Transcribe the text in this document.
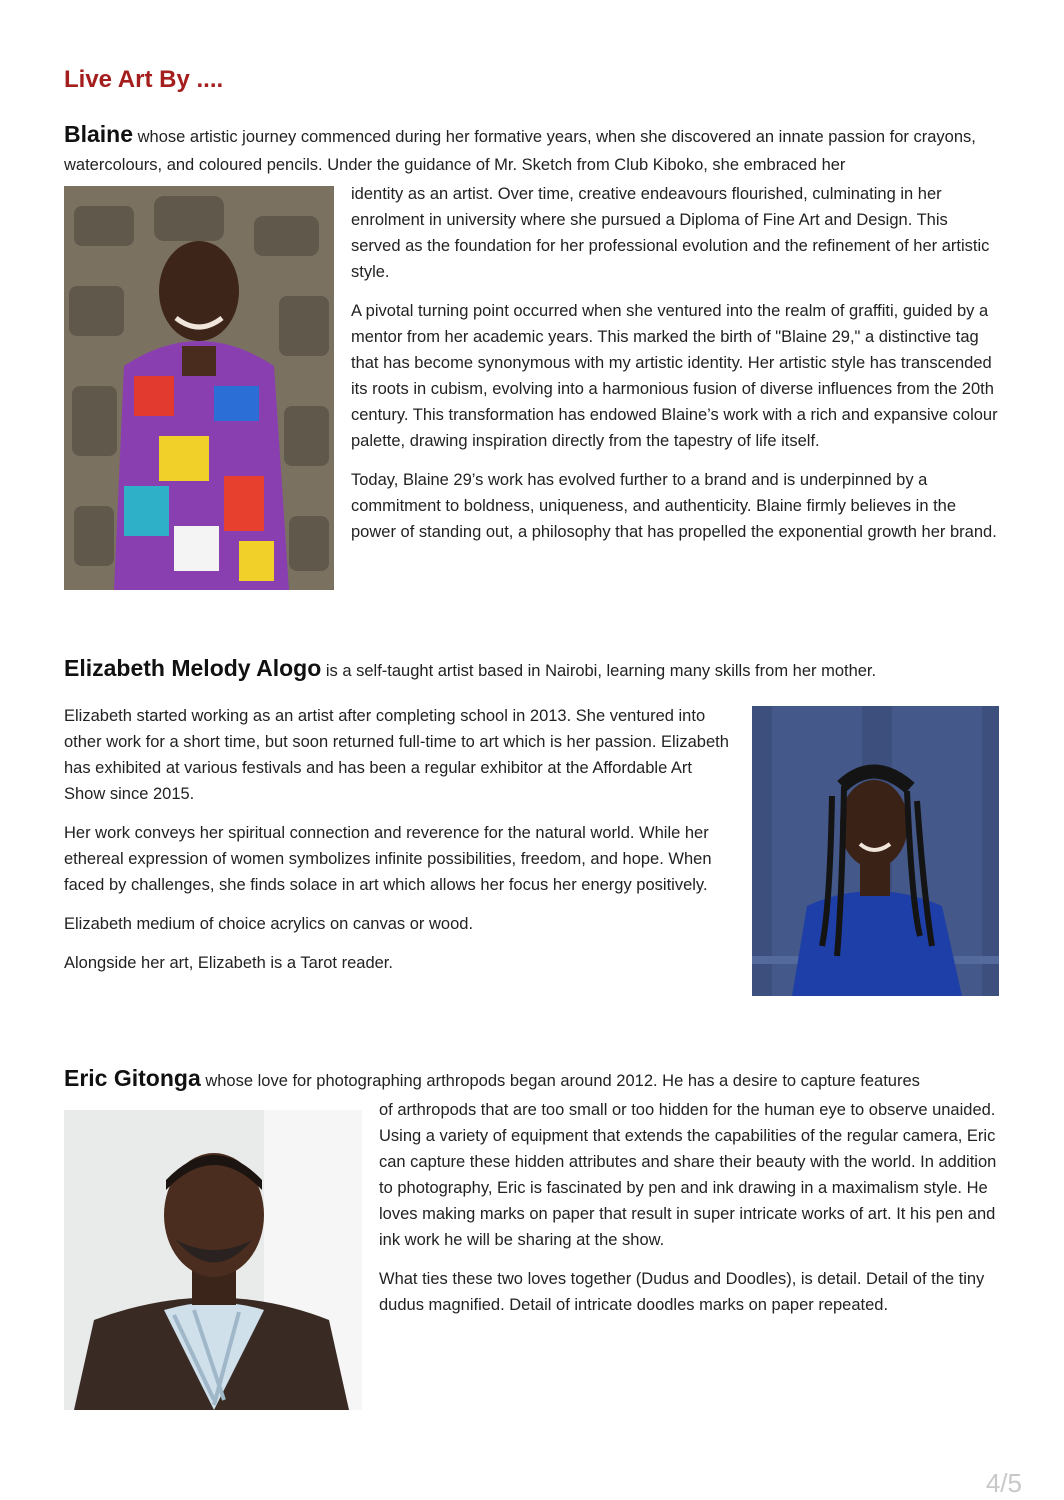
Live Art By ....

Blaine whose artistic journey commenced during her formative years, when she discovered an innate passion for crayons, watercolours, and coloured pencils. Under the guidance of Mr. Sketch from Club Kiboko, she embraced her

identity as an artist. Over time, creative endeavours flourished, culminating in her enrolment in university where she pursued a Diploma of Fine Art and Design. This served as the foundation for her professional evolution and the refinement of her artistic style.

A pivotal turning point occurred when she ventured into the realm of graffiti, guided by a mentor from her academic years. This marked the birth of "Blaine 29," a distinctive tag that has become synonymous with my artistic identity. Her artistic style has transcended its roots in cubism, evolving into a harmonious fusion of diverse influences from the 20th century. This transformation has endowed Blaine’s work with a rich and expansive colour palette, drawing inspiration directly from the tapestry of life itself.

Today, Blaine 29’s work has evolved further to a brand and is underpinned by a commitment to boldness, uniqueness, and authenticity. Blaine firmly believes in the power of standing out, a philosophy that has propelled the exponential growth her brand.

Elizabeth Melody Alogo is a self-taught artist based in Nairobi, learning many skills from her mother.

Elizabeth started working as an artist after completing school in 2013. She ventured into other work for a short time, but soon returned full-time to art which is her passion. Elizabeth has exhibited at various festivals and has been a regular exhibitor at the Affordable Art Show since 2015.

Her work conveys her spiritual connection and reverence for the natural world. While her ethereal expression of women symbolizes infinite possibilities, freedom, and hope. When faced by challenges, she finds solace in art which allows her focus her energy positively.

Elizabeth medium of choice acrylics on canvas or wood.

Alongside her art, Elizabeth is a Tarot reader.

Eric Gitonga whose love for photographing arthropods began around 2012. He has a desire to capture features

of arthropods that are too small or too hidden for the human eye to observe unaided. Using a variety of equipment that extends the capabilities of the regular camera, Eric can capture these hidden attributes and share their beauty with the world. In addition to photography, Eric is fascinated by pen and ink drawing in a maximalism style. He loves making marks on paper that result in super intricate works of art. It his pen and ink work he will be sharing at the show.

What ties these two loves together (Dudus and Doodles), is detail. Detail of the tiny dudus magnified. Detail of intricate doodles marks on paper repeated.

4/5
